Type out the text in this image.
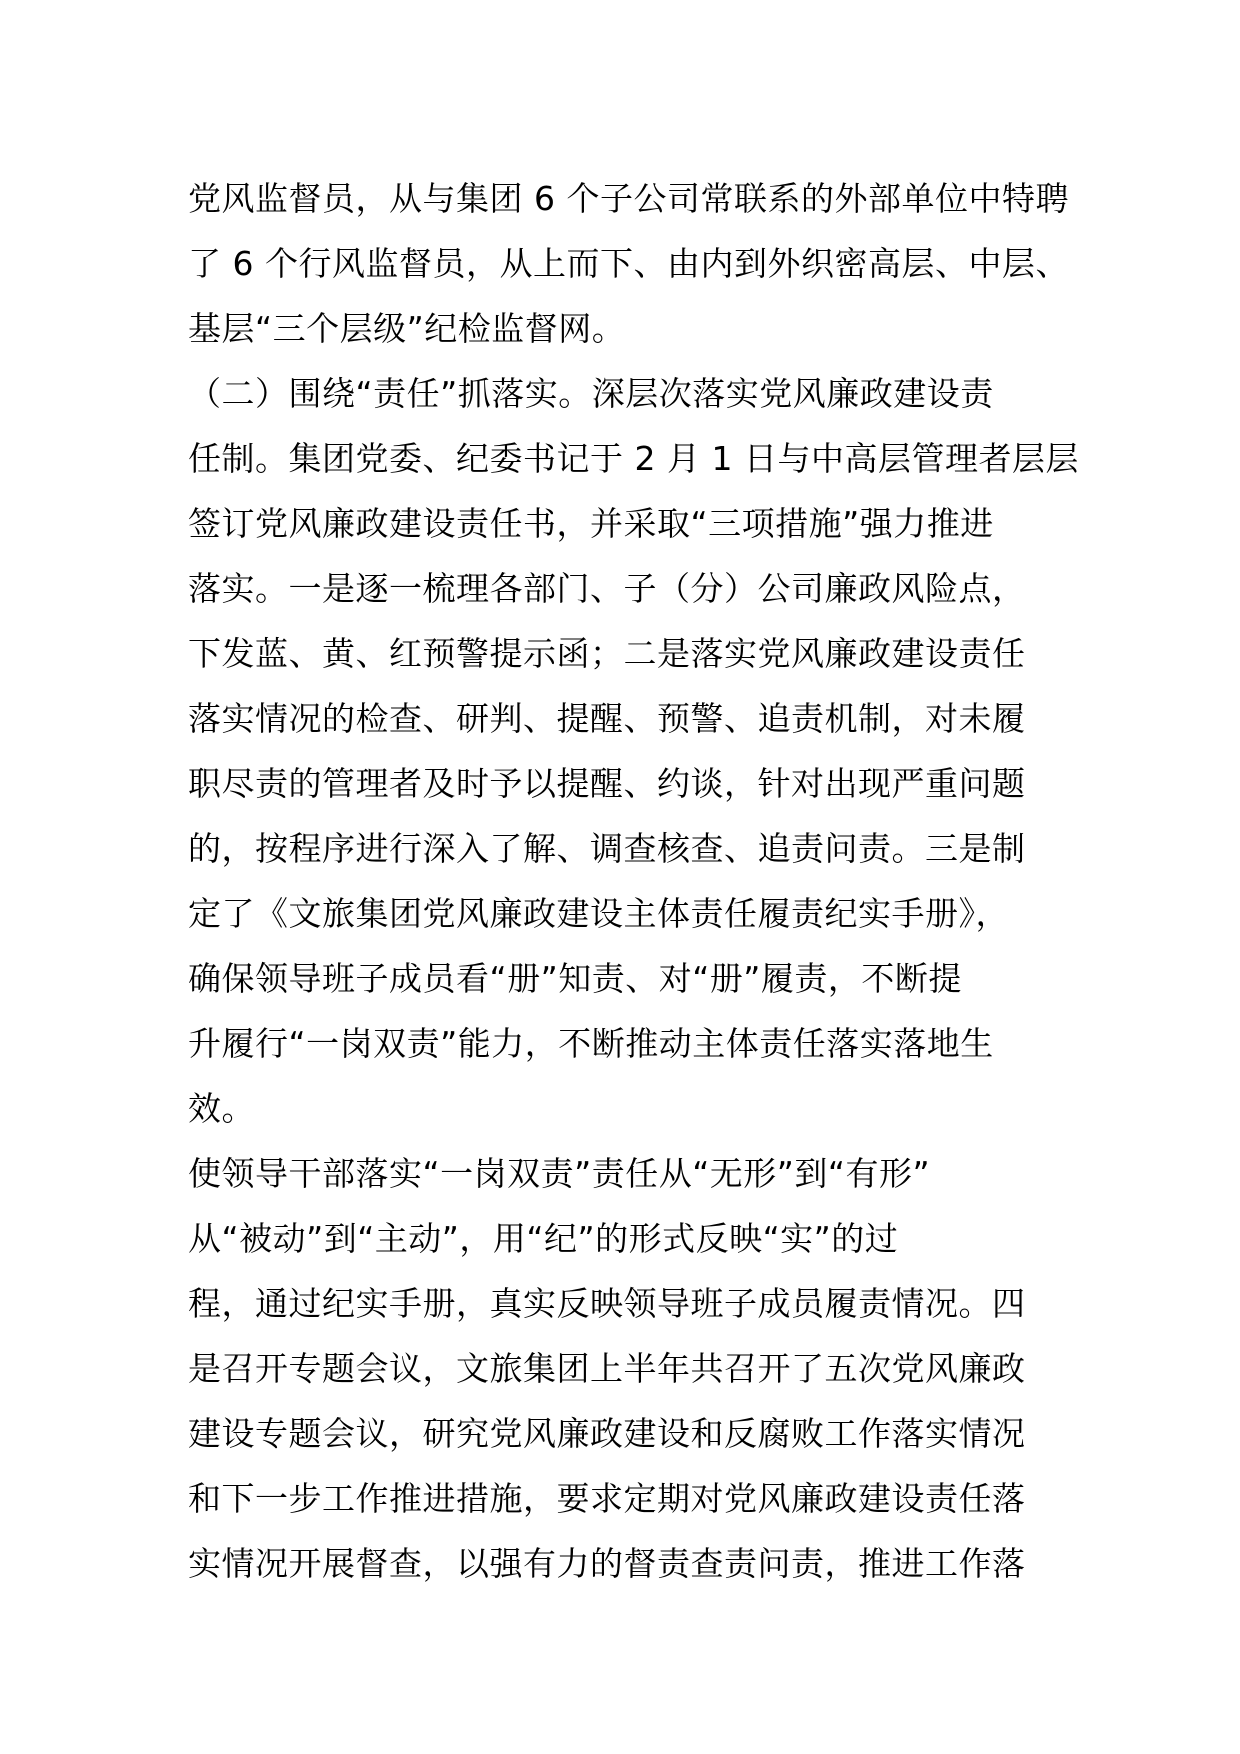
党风监督员，从与集团 6 个子公司常联系的外部单位中特聘
了 6 个行风监督员，从上而下、由内到外织密高层、中层、
基层“三个层级”纪检监督网。
（二）围绕“责任”抓落实。深层次落实党风廉政建设责
任制。集团党委、纪委书记于 2 月 1 日与中高层管理者层层
签订党风廉政建设责任书，并采取“三项措施”强力推进
落实。一是逐一梳理各部门、子（分）公司廉政风险点，
下发蓝、黄、红预警提示函；二是落实党风廉政建设责任
落实情况的检查、研判、提醒、预警、追责机制，对未履
职尽责的管理者及时予以提醒、约谈，针对出现严重问题
的，按程序进行深入了解、调查核查、追责问责。三是制
定了《文旅集团党风廉政建设主体责任履责纪实手册》，
确保领导班子成员看“册”知责、对“册”履责，不断提
升履行“一岗双责”能力，不断推动主体责任落实落地生
效。
使领导干部落实“一岗双责”责任从“无形”到“有形”
从“被动”到“主动”，用“纪”的形式反映“实”的过
程，通过纪实手册，真实反映领导班子成员履责情况。四
是召开专题会议，文旅集团上半年共召开了五次党风廉政
建设专题会议，研究党风廉政建设和反腐败工作落实情况
和下一步工作推进措施，要求定期对党风廉政建设责任落
实情况开展督查，以强有力的督责查责问责，推进工作落
